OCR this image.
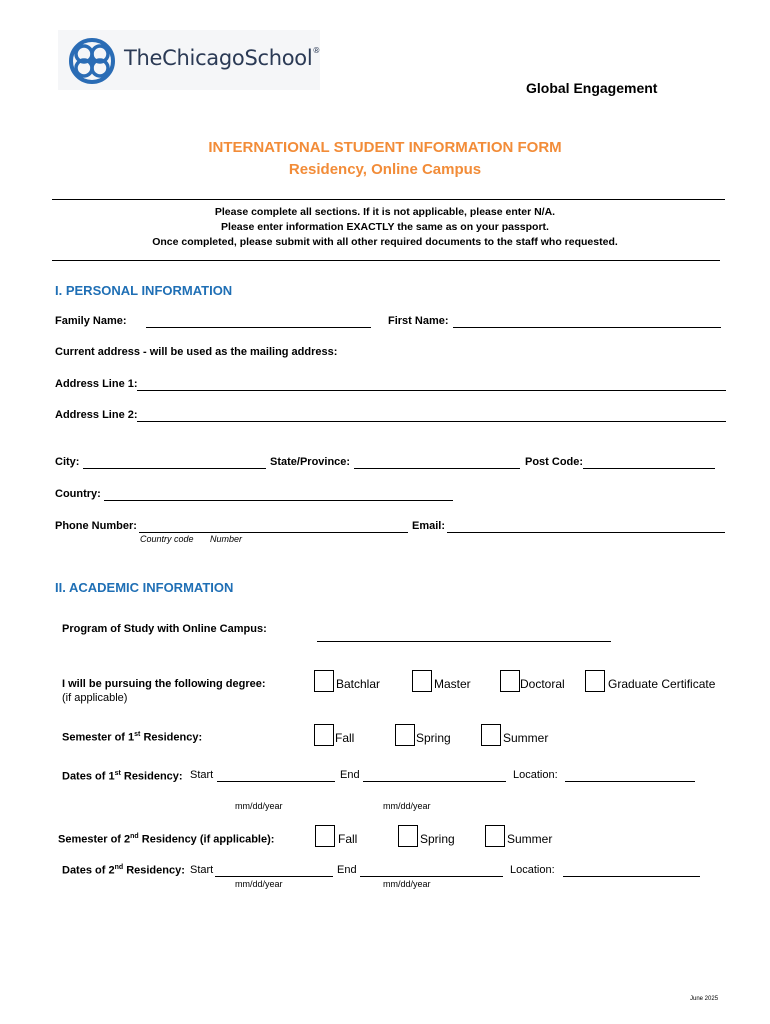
TheChicagoSchool®
Global Engagement
INTERNATIONAL STUDENT INFORMATION FORM
Residency, Online Campus
Please complete all sections. If it is not applicable, please enter N/A.
Please enter information EXACTLY the same as on your passport.
Once completed, please submit with all other required documents to the staff who requested.
I. PERSONAL INFORMATION
Family Name:	First Name:
Current address - will be used as the mailing address:
Address Line 1:
Address Line 2:
City:	State/Province:	Post Code:
Country:
Phone Number:	Email:
Country code Number
II. ACADEMIC INFORMATION
Program of Study with Online Campus:
I will be pursuing the following degree:
(if applicable)
Batchlar	Master	Doctoral	Graduate Certificate
Semester of 1st Residency:	Fall	Spring	Summer
Dates of 1st Residency: Start	End	Location:
mm/dd/year	mm/dd/year
Semester of 2nd Residency (if applicable):	Fall	Spring	Summer
Dates of 2nd Residency: Start	End	Location:
mm/dd/year	mm/dd/year
June 2025
